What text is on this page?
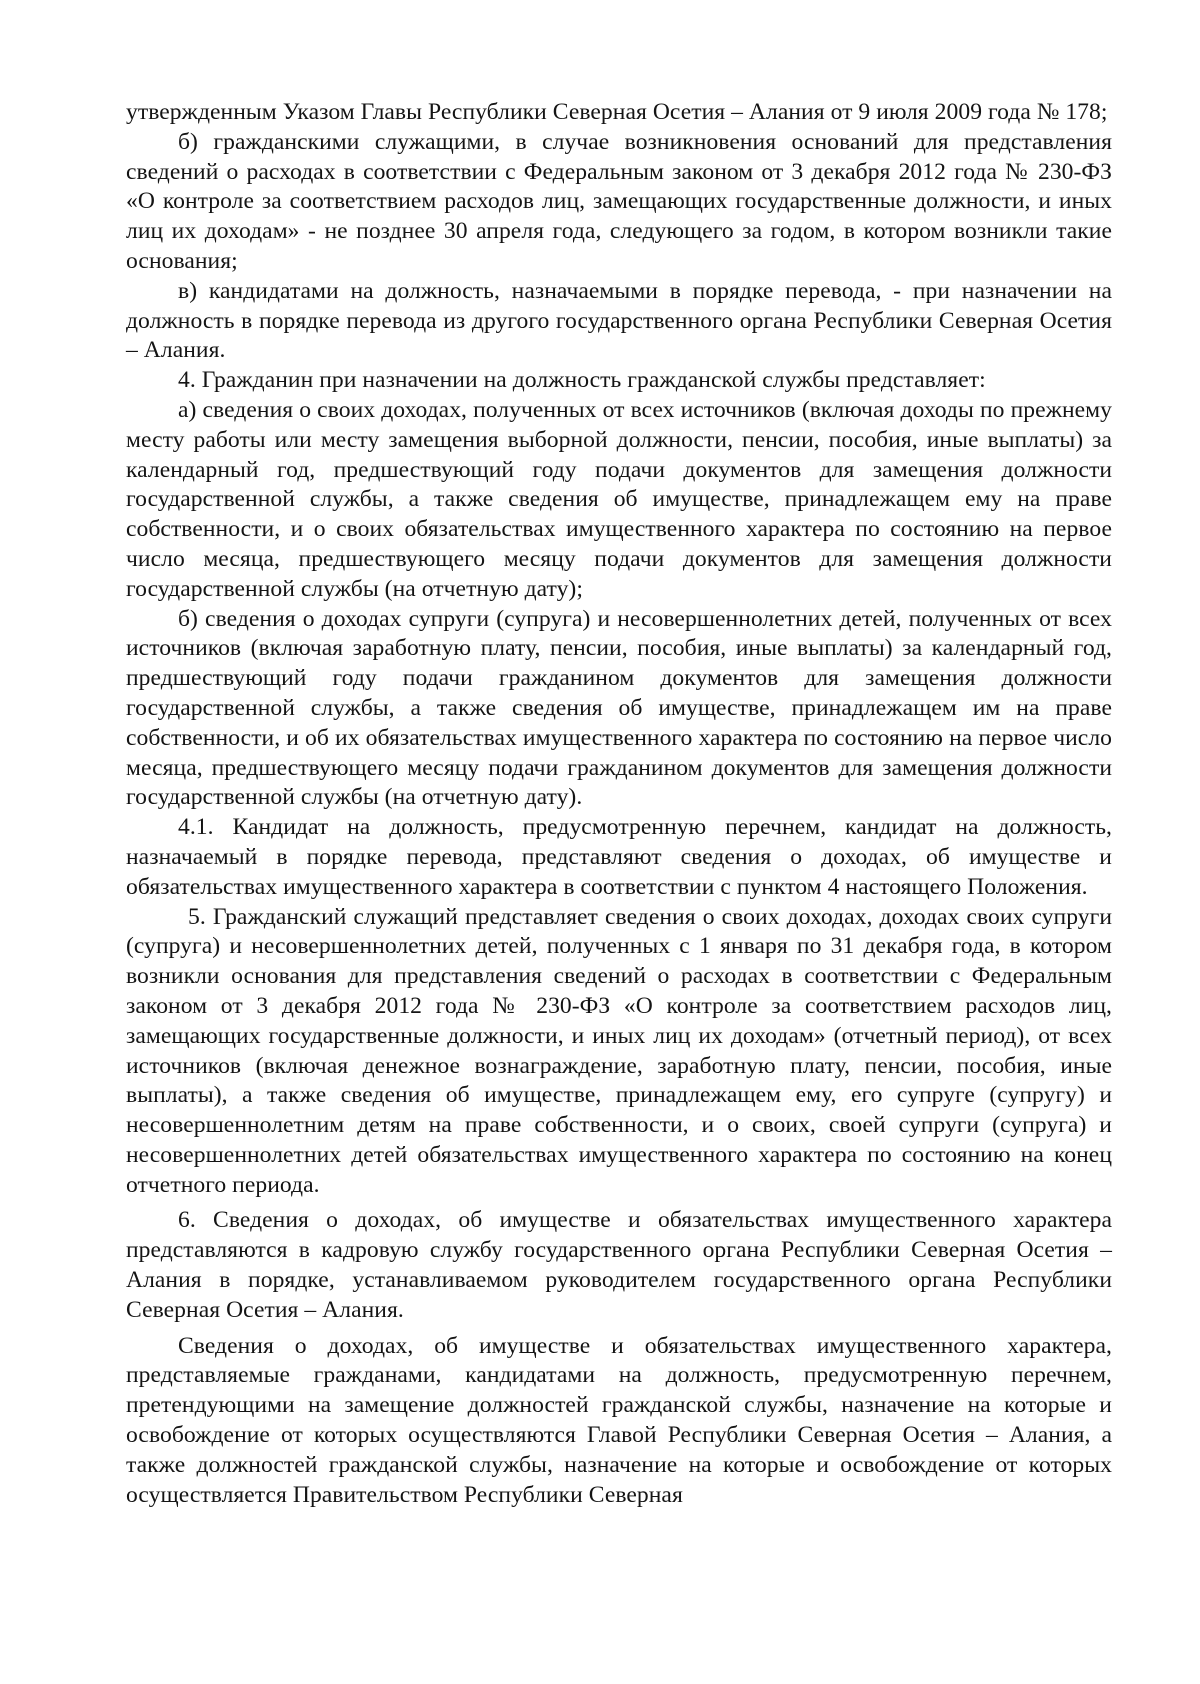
утвержденным Указом Главы Республики Северная Осетия – Алания от 9 июля 2009 года № 178;

б) гражданскими служащими, в случае возникновения оснований для представления сведений о расходах в соответствии с Федеральным законом от 3 декабря 2012 года № 230-ФЗ «О контроле за соответствием расходов лиц, замещающих государственные должности, и иных лиц их доходам» - не позднее 30 апреля года, следующего за годом, в котором возникли такие основания;

в) кандидатами на должность, назначаемыми в порядке перевода, - при назначении на должность в порядке перевода из другого государственного органа Республики Северная Осетия – Алания.

4. Гражданин при назначении на должность гражданской службы представляет:

а) сведения о своих доходах, полученных от всех источников (включая доходы по прежнему месту работы или месту замещения выборной должности, пенсии, пособия, иные выплаты) за календарный год, предшествующий году подачи документов для замещения должности государственной службы, а также сведения об имуществе, принадлежащем ему на праве собственности, и о своих обязательствах имущественного характера по состоянию на первое число месяца, предшествующего месяцу подачи документов для замещения должности государственной службы (на отчетную дату);

б) сведения о доходах супруги (супруга) и несовершеннолетних детей, полученных от всех источников (включая заработную плату, пенсии, пособия, иные выплаты) за календарный год, предшествующий году подачи гражданином документов для замещения должности государственной службы, а также сведения об имуществе, принадлежащем им на праве собственности, и об их обязательствах имущественного характера по состоянию на первое число месяца, предшествующего месяцу подачи гражданином документов для замещения должности государственной службы (на отчетную дату).

4.1. Кандидат на должность, предусмотренную перечнем, кандидат на должность, назначаемый в порядке перевода, представляют сведения о доходах, об имуществе и обязательствах имущественного характера в соответствии с пунктом 4 настоящего Положения.

5. Гражданский служащий представляет сведения о своих доходах, доходах своих супруги (супруга) и несовершеннолетних детей, полученных с 1 января по 31 декабря года, в котором возникли основания для представления сведений о расходах в соответствии с Федеральным законом от 3 декабря 2012 года № 230-ФЗ «О контроле за соответствием расходов лиц, замещающих государственные должности, и иных лиц их доходам» (отчетный период), от всех источников (включая денежное вознаграждение, заработную плату, пенсии, пособия, иные выплаты), а также сведения об имуществе, принадлежащем ему, его супруге (супругу) и несовершеннолетним детям на праве собственности, и о своих, своей супруги (супруга) и несовершеннолетних детей обязательствах имущественного характера по состоянию на конец отчетного периода.

6. Сведения о доходах, об имуществе и обязательствах имущественного характера представляются в кадровую службу государственного органа Республики Северная Осетия – Алания в порядке, устанавливаемом руководителем государственного органа Республики Северная Осетия – Алания.

Сведения о доходах, об имуществе и обязательствах имущественного характера, представляемые гражданами, кандидатами на должность, предусмотренную перечнем, претендующими на замещение должностей гражданской службы, назначение на которые и освобождение от которых осуществляются Главой Республики Северная Осетия – Алания, а также должностей гражданской службы, назначение на которые и освобождение от которых осуществляется Правительством Республики Северная
